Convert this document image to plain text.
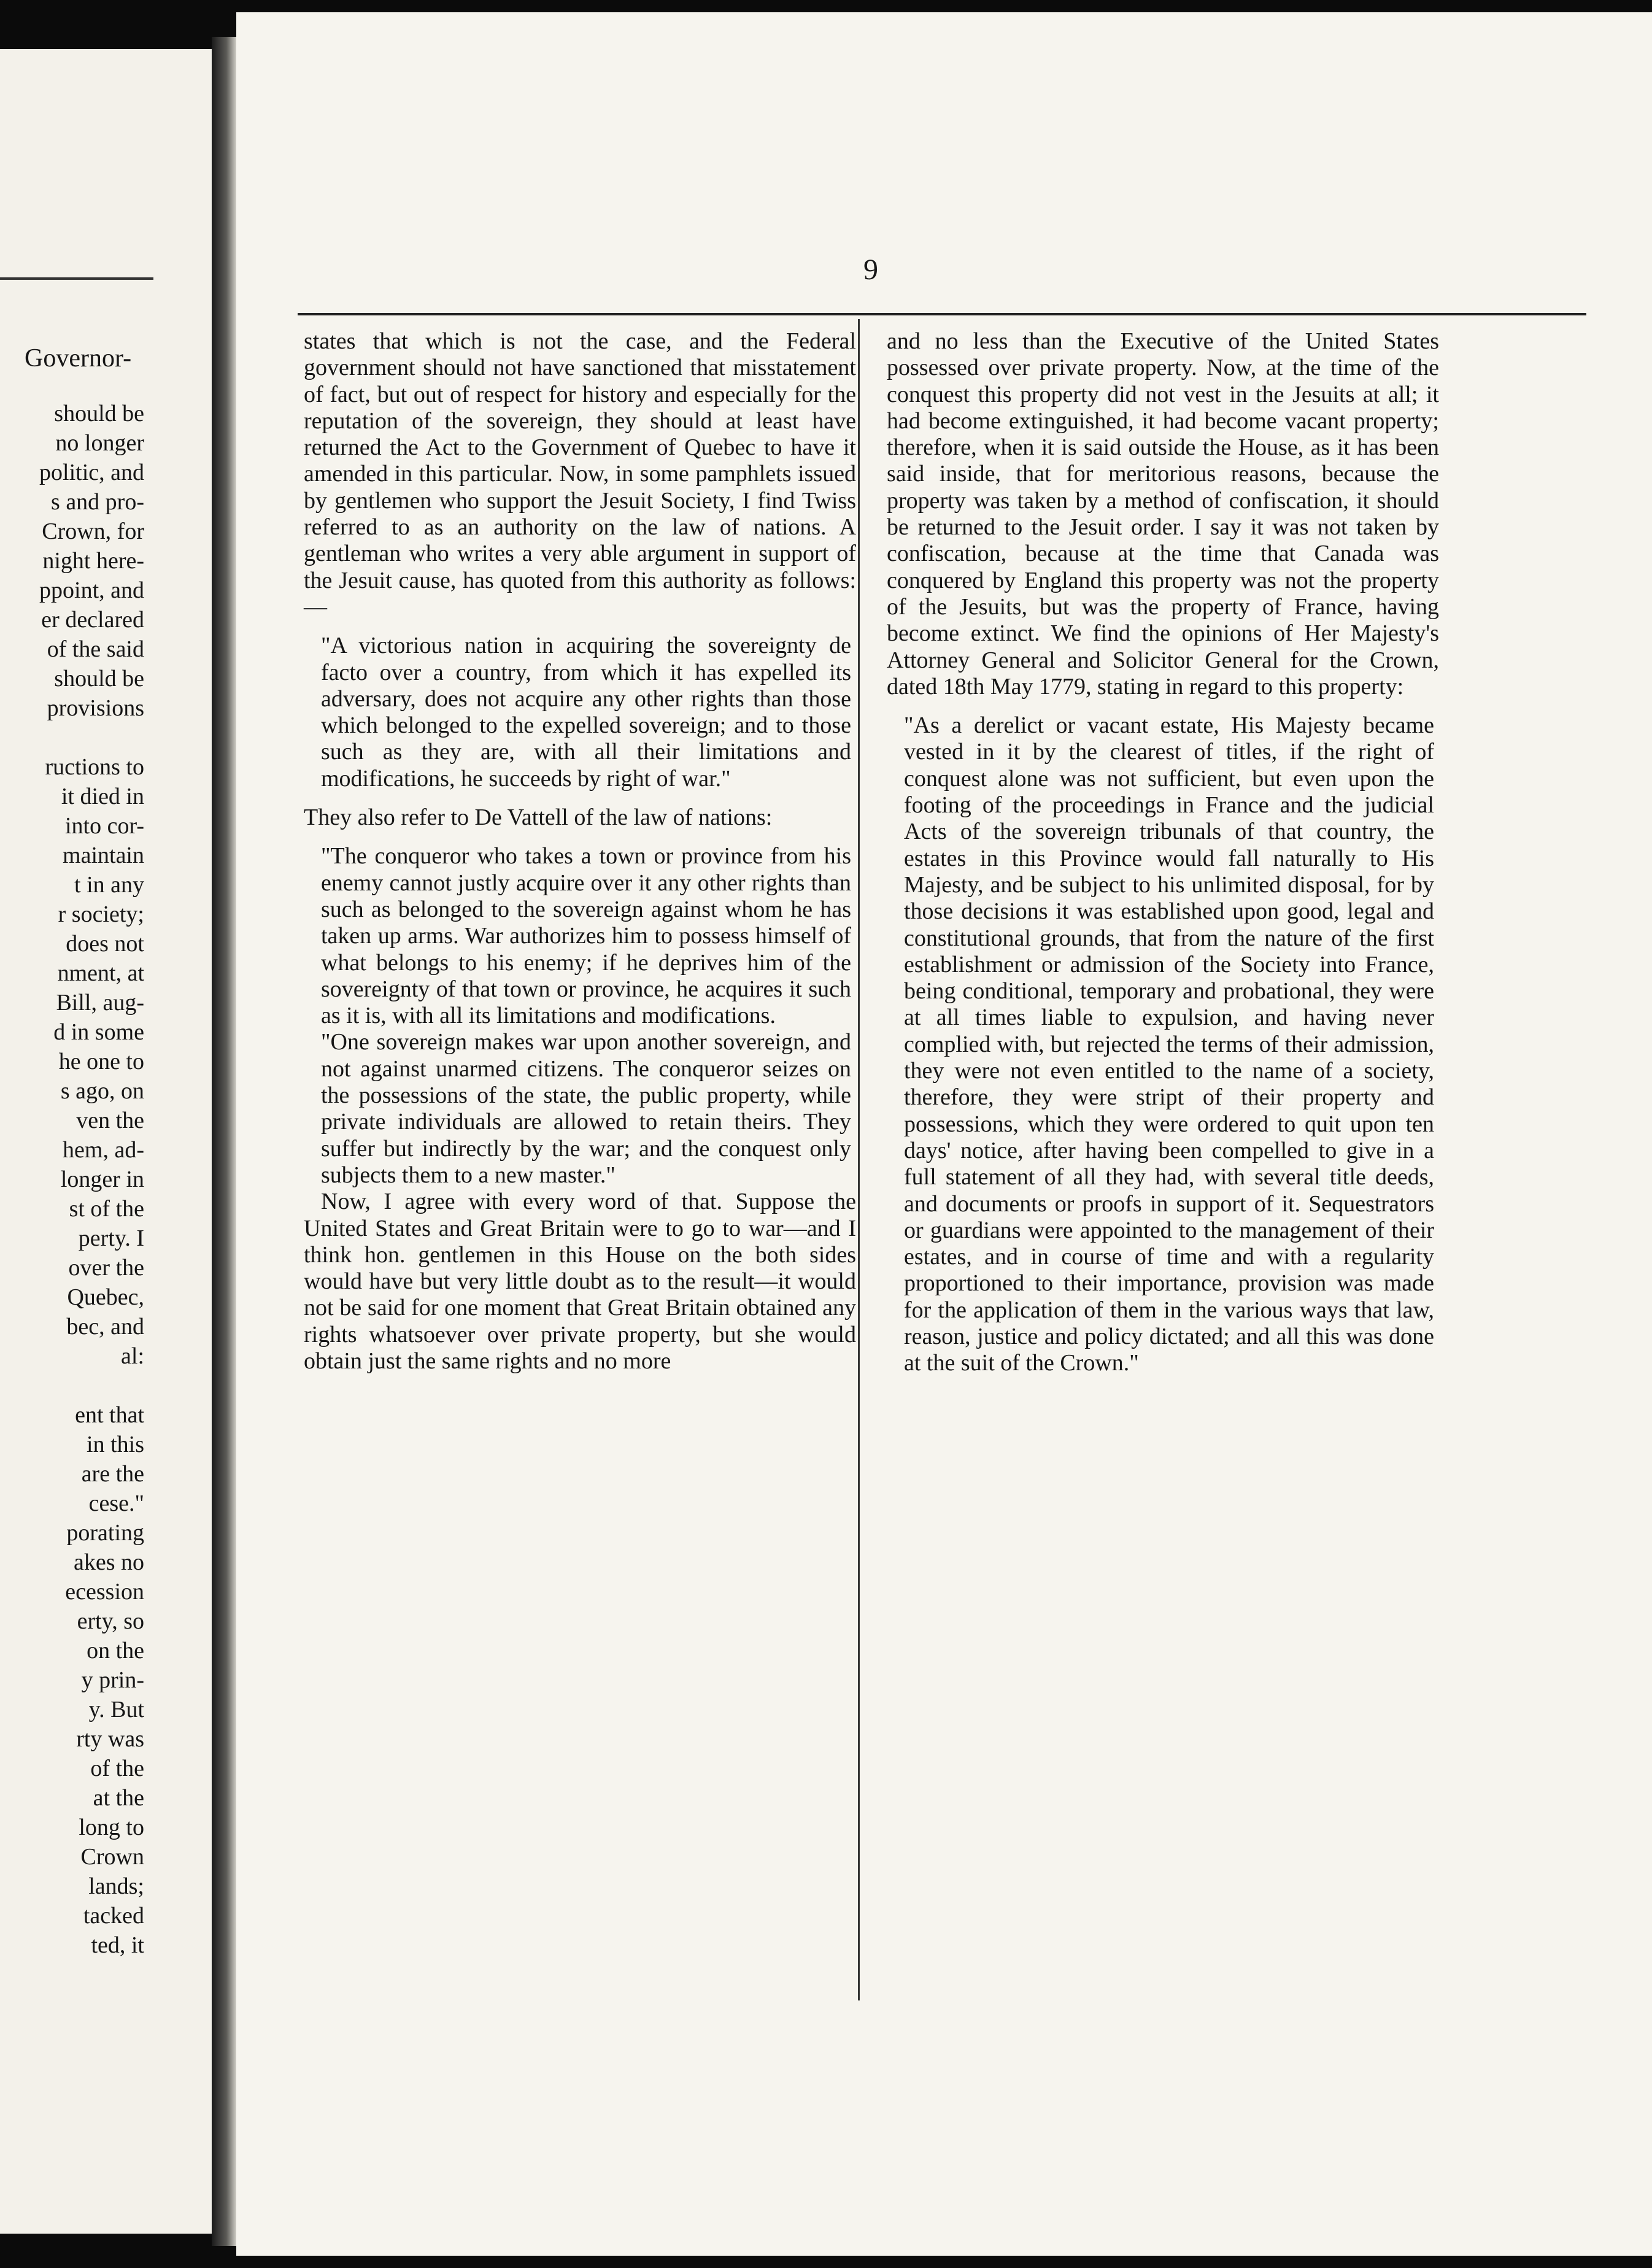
Governor-
should be
no longer
politic, and
s and pro-
Crown, for
night here-
ppoint, and
er declared
of the said
should be
provisions
ructions to
it died in
into cor-
maintain
t in any
r society;
does not
nment, at
Bill, aug-
d in some
he one to
s ago, on
ven the
hem, ad-
longer in
st of the
perty. I
over the
Quebec,
bec, and
al:
ent that
in this
are the
cese."
porating
akes no
ecession
erty, so
on the
y prin-
y. But
rty was
of the
at the
long to
Crown
lands;
tacked
ted, it
9

states that which is not the case, and the Federal government should not have sanctioned that misstatement of fact, but out of respect for history and especially for the reputation of the sovereign, they should at least have returned the Act to the Government of Quebec to have it amended in this particular. Now, in some pamphlets issued by gentlemen who support the Jesuit Society, I find Twiss referred to as an authority on the law of nations. A gentleman who writes a very able argument in support of the Jesuit cause, has quoted from this authority as follows:—

"A victorious nation in acquiring the sovereignty de facto over a country, from which it has expelled its adversary, does not acquire any other rights than those which belonged to the expelled sovereign; and to those such as they are, with all their limitations and modifications, he succeeds by right of war."

They also refer to De Vattell of the law of nations:

"The conqueror who takes a town or province from his enemy cannot justly acquire over it any other rights than such as belonged to the sovereign against whom he has taken up arms. War authorizes him to possess himself of what belongs to his enemy; if he deprives him of the sovereignty of that town or province, he acquires it such as it is, with all its limitations and modifications.

"One sovereign makes war upon another sovereign, and not against unarmed citizens. The conqueror seizes on the possessions of the state, the public property, while private individuals are allowed to retain theirs. They suffer but indirectly by the war; and the conquest only subjects them to a new master."

Now, I agree with every word of that. Suppose the United States and Great Britain were to go to war—and I think hon. gentlemen in this House on the both sides would have but very little doubt as to the result—it would not be said for one moment that Great Britain obtained any rights whatsoever over private property, but she would obtain just the same rights and no more

and no less than the Executive of the United States possessed over private property. Now, at the time of the conquest this property did not vest in the Jesuits at all; it had become extinguished, it had become vacant property; therefore, when it is said outside the House, as it has been said inside, that for meritorious reasons, because the property was taken by a method of confiscation, it should be returned to the Jesuit order. I say it was not taken by confiscation, because at the time that Canada was conquered by England this property was not the property of the Jesuits, but was the property of France, having become extinct. We find the opinions of Her Majesty's Attorney General and Solicitor General for the Crown, dated 18th May 1779, stating in regard to this property:

"As a derelict or vacant estate, His Majesty became vested in it by the clearest of titles, if the right of conquest alone was not sufficient, but even upon the footing of the proceedings in France and the judicial Acts of the sovereign tribunals of that country, the estates in this Province would fall naturally to His Majesty, and be subject to his unlimited disposal, for by those decisions it was established upon good, legal and constitutional grounds, that from the nature of the first establishment or admission of the Society into France, being conditional, temporary and probational, they were at all times liable to expulsion, and having never complied with, but rejected the terms of their admission, they were not even entitled to the name of a society, therefore, they were stript of their property and possessions, which they were ordered to quit upon ten days' notice, after having been compelled to give in a full statement of all they had, with several title deeds, and documents or proofs in support of it. Sequestrators or guardians were appointed to the management of their estates, and in course of time and with a regularity proportioned to their importance, provision was made for the application of them in the various ways that law, reason, justice and policy dictated; and all this was done at the suit of the Crown."
